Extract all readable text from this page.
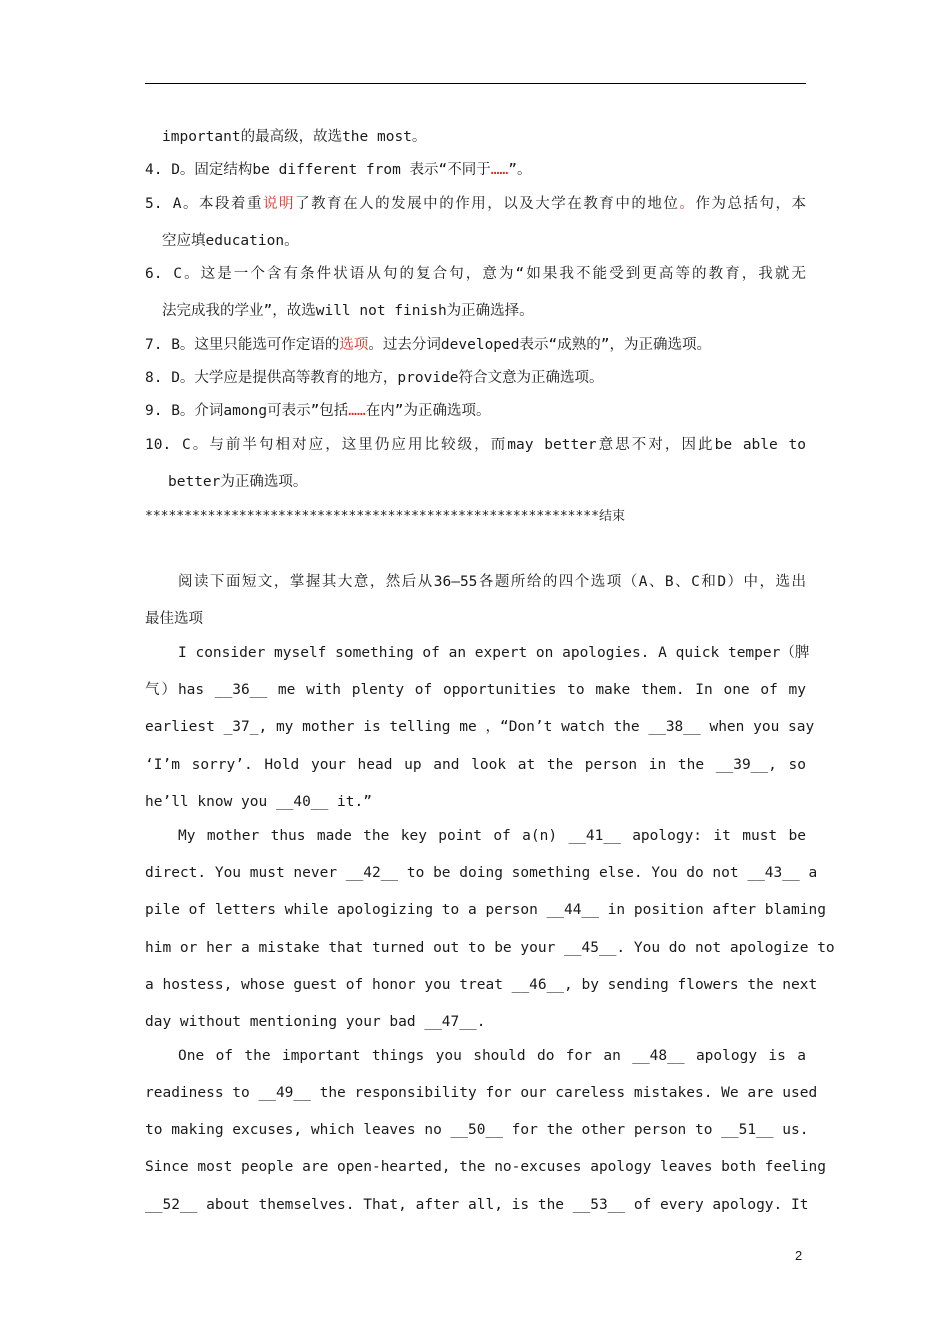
important的最高级，故选the most。
4. D。固定结构be different from 表示“不同于……”。
5. A。本段着重说明了教育在人的发展中的作用，以及大学在教育中的地位。作为总括句，本
空应填education。
6. C。这是一个含有条件状语从句的复合句，意为“如果我不能受到更高等的教育，我就无
法完成我的学业”，故选will not finish为正确选择。
7. B。这里只能选可作定语的选项。过去分词developed表示“成熟的”，为正确选项。
8. D。大学应是提供高等教育的地方，provide符合文意为正确选项。
9. B。介词among可表示”包括……在内”为正确选项。
10. C。与前半句相对应，这里仍应用比较级，而may better意思不对，因此be able to
better为正确选项。
**********************************************************结束
阅读下面短文，掌握其大意，然后从36—55各题所给的四个选项（A、B、C和D）中，选出
最佳选项
I consider myself something of an expert on apologies. A quick temper（脾
气）has __36__ me with plenty of opportunities to make them. In one of my
earliest _37_, my mother is telling me ，“Don’t watch the __38__ when you say
‘I’m sorry’. Hold your head up and look at the person in the __39__, so
he’ll know you __40__ it.”
My mother thus made the key point of a(n) __41__ apology: it must be
direct. You must never __42__ to be doing something else. You do not __43__ a
pile of letters while apologizing to a person __44__ in position after blaming
him or her a mistake that turned out to be your __45__. You do not apologize to
a hostess, whose guest of honor you treat __46__, by sending flowers the next
day without mentioning your bad __47__.
One of the important things you should do for an __48__ apology is a
readiness to __49__ the responsibility for our careless mistakes. We are used
to making excuses, which leaves no __50__ for the other person to __51__ us.
Since most people are open-hearted, the no-excuses apology leaves both feeling
__52__ about themselves. That, after all, is the __53__ of every apology. It
2
